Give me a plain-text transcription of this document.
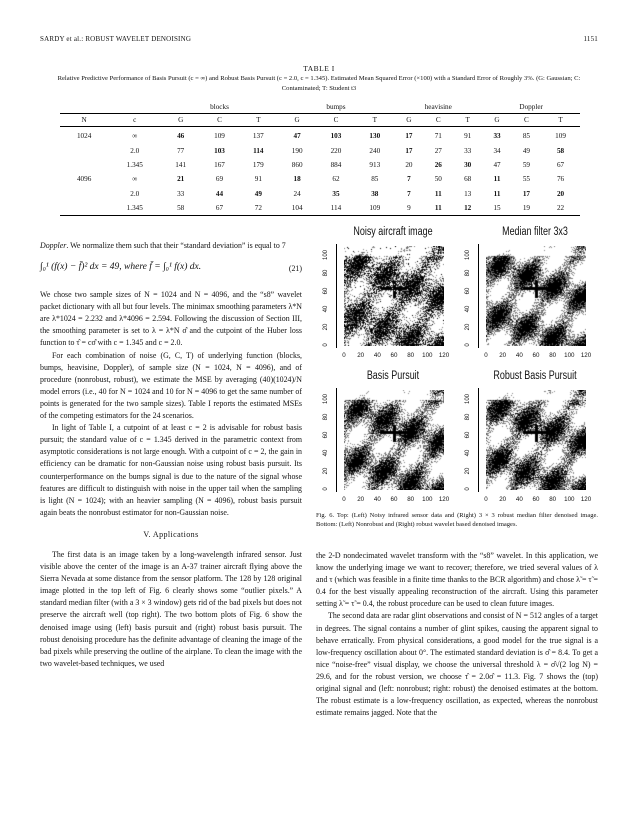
SARDY et al.: ROBUST WAVELET DENOISING	1151
TABLE I
Relative Predictive Performance of Basis Pursuit (c = ∞) and Robust Basis Pursuit (c = 2.0, c = 1.345). Estimated Mean Squared Error (×100) with a Standard Error of Roughly 3%. (G: Gaussian; C: Contaminated; T: Student t3
		blocks			bumps			heavisine			Doppler		
N	c	G	C	T	G	C	T	G	C	T	G	C	T
1024	∞	46	109	137	47	103	130	17	71	91	33	85	109
	2.0	77	103	114	190	220	240	17	27	33	34	49	58
	1.345	141	167	179	860	884	913	20	26	30	47	59	67
4096	∞	21	69	91	18	62	85	7	50	68	11	55	76
	2.0	33	44	49	24	35	38	7	11	13	11	17	20
	1.345	58	67	72	104	114	109	9	11	12	15	19	22

Doppler. We normalize them such that their “standard deviation” is equal to 7

∫₀¹ (f(x) − f̄)² dx = 49, where f̄ = ∫₀¹ f(x) dx.	(21)

We chose two sample sizes of N = 1024 and N = 4096, and the “s8” wavelet packet dictionary with all but four levels. The minimax smoothing parameters λ*N are λ*1024 = 2.232 and λ*4096 = 2.594. Following the discussion of Section III, the smoothing parameter is set to λ = λ*N σ̂ and the cutpoint of the Huber loss function to τ̂ = cσ̂ with c = 1.345 and c = 2.0.

For each combination of noise (G, C, T) of underlying function (blocks, bumps, heavisine, Doppler), of sample size (N = 1024, N = 4096), and of procedure (nonrobust, robust), we estimate the MSE by averaging (40)(1024)/N model errors (i.e., 40 for N = 1024 and 10 for N = 4096 to get the same number of points is generated for the two sample sizes). Table I reports the estimated MSEs of the competing estimators for the 24 scenarios.

In light of Table I, a cutpoint of at least c = 2 is advisable for robust basis pursuit; the standard value of c = 1.345 derived in the parametric context from asymptotic considerations is not large enough. With a cutpoint of c = 2, the gain in efficiency can be dramatic for non-Gaussian noise using robust basis pursuit. Its counterperformance on the bumps signal is due to the nature of the signal whose features are difficult to distinguish with noise in the upper tail when the sampling is light (N = 1024); with an heavier sampling (N = 4096), robust basis pursuit again beats the nonrobust estimator for non-Gaussian noise.

V. Applications

The first data is an image taken by a long-wavelength infrared sensor. Just visible above the center of the image is an A-37 trainer aircraft flying above the Sierra Nevada at some distance from the sensor platform. The 128 by 128 original image plotted in the top left of Fig. 6 clearly shows some “outlier pixels.” A standard median filter (with a 3 × 3 window) gets rid of the bad pixels but does not preserve the aircraft well (top right). The two bottom plots of Fig. 6 show the denoised image using (left) basis pursuit and (right) robust basis pursuit. The robust denoising procedure has the definite advantage of cleaning the image of the bad pixels while preserving the outline of the airplane. To clean the image with the two wavelet-based techniques, we used

Noisy aircraft image
0
20
40
60
80
100
0 20 40 60 80 100 120
Median filter 3x3
0
20
40
60
80
100
0 20 40 60 80 100 120
Basis Pursuit
0
20
40
60
80
100
0 20 40 60 80 100 120
Robust Basis Pursuit
0
20
40
60
80
100
0 20 40 60 80 100 120
Fig. 6. Top: (Left) Noisy infrared sensor data and (Right) 3 × 3 robust median filter denoised image. Bottom: (Left) Nonrobust and (Right) robust wavelet based denoised images.

the 2-D nondecimated wavelet transform with the “s8” wavelet. In this application, we know the underlying image we want to recover; therefore, we tried several values of λ and τ (which was feasible in a finite time thanks to the BCR algorithm) and chose λ̃ = τ̃ = 0.4 for the best visually appealing reconstruction of the aircraft. Using this parameter setting λ̃ = τ̃ = 0.4, the robust procedure can be used to clean future images.

The second data are radar glint observations and consist of N = 512 angles of a target in degrees. The signal contains a number of glint spikes, causing the apparent signal to behave erratically. From physical considerations, a good model for the true signal is a low-frequency oscillation about 0°. The estimated standard deviation is σ̂ = 8.4. To get a nice “noise-free” visual display, we choose the universal threshold λ = σ̂√(2 log N) = 29.6, and for the robust version, we choose τ̂ = 2.0σ̂ = 11.3. Fig. 7 shows the (top) original signal and (left: nonrobust; right: robust) the denoised estimates at the bottom. The robust estimate is a low-frequency oscillation, as expected, whereas the nonrobust estimate remains jagged. Note that the
